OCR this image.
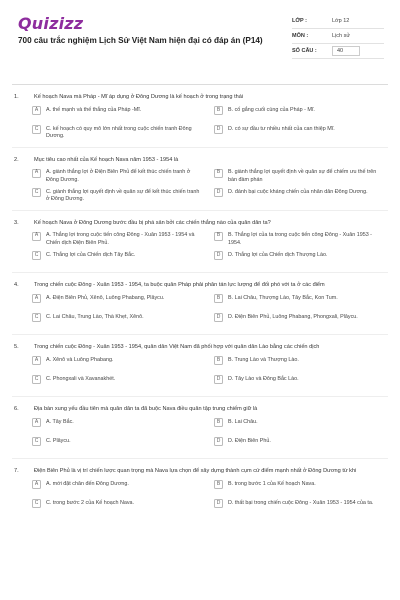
Quizizz
700 câu trắc nghiệm Lịch Sử Việt Nam hiện đại có đáp án (P14)
LỚP :	Lớp 12
MÔN :	Lịch sử
SỐ CÂU :	40
1.	Kế hoạch Nava mà Pháp - Mĩ áp dụng ở Đông Dương là kế hoạch ở trong trạng thái
A	A. thế mạnh và thế thắng của Pháp -Mĩ.	B	B. cố gắng cuối cùng của Pháp - Mĩ.
C	C. kế hoạch có quy mô lớn nhất trong cuộc chiến tranh Đông Dương.
D	D. có sự đầu tư nhiều nhất của can thiệp Mĩ.
2.	Mục tiêu cao nhất của Kế hoạch Nava năm 1953 - 1954 là
A	A. giành thắng lợi ở Điện Biên Phủ để kết thúc chiến tranh ở Đông Dương.
B	B. giành thắng lợi quyết định về quân sự để chiếm ưu thế trên bàn đàm phán
C	C. giành thắng lợi quyết định về quân sự để kết thúc chiến tranh ở Đông Dương.
D	D. đánh bại cuộc kháng chiến của nhân dân Đông Dương.
3.	Kế hoạch Nava ở Đông Dương bước đầu bị phá sản bởi các chiến thắng nào của quân dân ta?
A	A. Thắng lợi trong cuộc tiến công Đông - Xuân 1953 - 1954 và Chiến dịch Điện Biên Phủ.
B	B. Thắng lợi của ta trong cuộc tiến công Đông - Xuân 1953 - 1954.
C	C. Thắng lợi của Chiến dịch Tây Bắc.	D	D. Thắng lợi của Chiến dịch Thượng Lào.
4.	Trong chiến cuộc Đông - Xuân 1953 - 1954, ta buộc quân Pháp phải phân tán lực lượng để đối phó với ta ở các điểm
A	A. Điện Biên Phủ, Xênô, Luông Phabang, Plâycu.	B	B. Lai Châu, Thượng Lào, Tây Bắc, Kon Tum.
C	C. Lai Châu, Trung Lào, Thà Khẹt, Xênô.	D	D. Điện Biên Phủ, Luông Phabang, Phongxali, Plâycu.
5.	Trong chiến cuộc Đông - Xuân 1953 - 1954, quân dân Việt Nam đã phối hợp với quân dân Lào bằng các chiến dịch
A	A. Xênô và Luông Phabang.	B	B. Trung Lào và Thượng Lào.
C	C. Phongxali và Xavanakhét.	D	D. Tây Lào và Đông Bắc Lào.
6.	Địa bàn xung yếu đầu tiên mà quân dân ta đã buộc Nava điều quân tập trung chiếm giữ là
A	A. Tây Bắc.	B	B. Lai Châu.
C	C. Plâycu.	D	D. Điện Biên Phủ.
7.	Điện Biên Phủ là vị trí chiến lược quan trọng mà Nava lựa chọn để xây dựng thành cụm cứ điểm mạnh nhất ở Đông Dương từ khi
A	A. mới đặt chân đến Đông Dương.	B	B. trong bước 1 của Kế hoạch Nava.
C	C. trong bước 2 của Kế hoạch Nava.	D	D. thất bại trong chiến cuộc Đông - Xuân 1953 - 1954 của ta.
